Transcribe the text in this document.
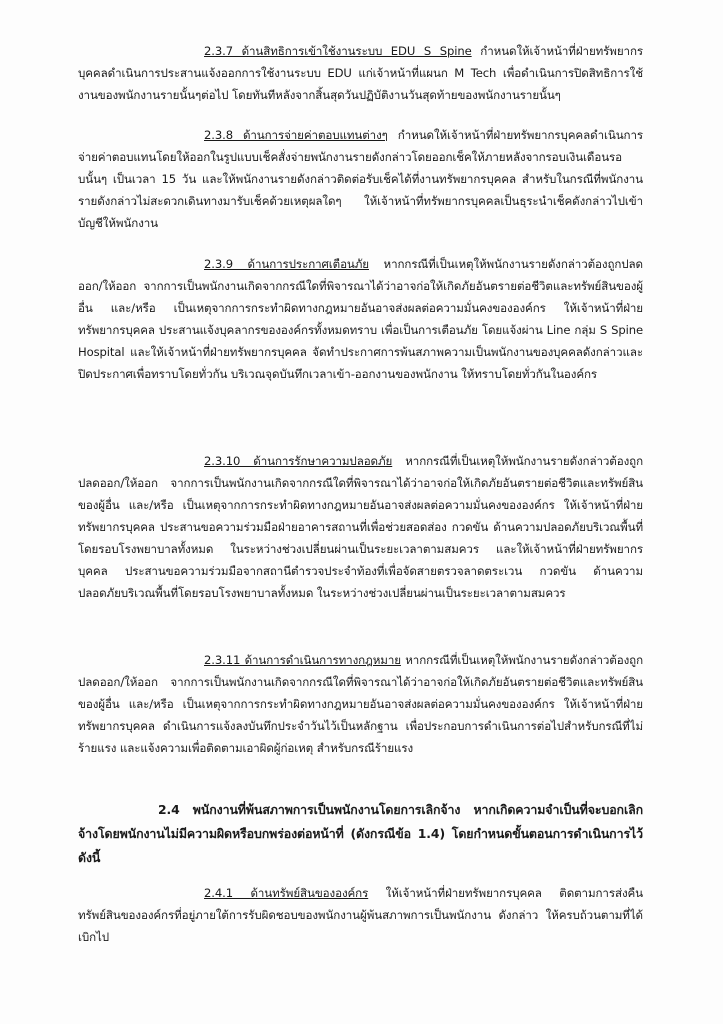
2.3.7 ด้านสิทธิการเข้าใช้งานระบบ EDU S Spine กำหนดให้เจ้าหน้าที่ฝ่ายทรัพยากรบุคคลดำเนินการประสานแจ้งออกการใช้งานระบบ EDU แก่เจ้าหน้าที่แผนก M Tech เพื่อดำเนินการปิดสิทธิการใช้งานของพนักงานรายนั้นๆต่อไป โดยทันทีหลังจากสิ้นสุดวันปฏิบัติงานวันสุดท้ายของพนักงานรายนั้นๆ

2.3.8 ด้านการจ่ายค่าตอบแทนต่างๆ กำหนดให้เจ้าหน้าที่ฝ่ายทรัพยากรบุคคลดำเนินการจ่ายค่าตอบแทนโดยให้ออกในรูปแบบเช็คสั่งจ่ายพนักงานรายดังกล่าวโดยออกเช็คให้ภายหลังจากรอบเงินเดือนรอบนั้นๆ เป็นเวลา 15 วัน และให้พนักงานรายดังกล่าวติดต่อรับเช็คได้ที่งานทรัพยากรบุคคล สำหรับในกรณีที่พนักงานรายดังกล่าวไม่สะดวกเดินทางมารับเช็คด้วยเหตุผลใดๆ ให้เจ้าหน้าที่ทรัพยากรบุคคลเป็นธุระนำเช็คดังกล่าวไปเข้าบัญชีให้พนักงาน

2.3.9 ด้านการประกาศเตือนภัย หากกรณีที่เป็นเหตุให้พนักงานรายดังกล่าวต้องถูกปลดออก/ให้ออก จากการเป็นพนักงานเกิดจากกรณีใดที่พิจารณาได้ว่าอาจก่อให้เกิดภัยอันตรายต่อชีวิตและทรัพย์สินของผู้อื่น และ/หรือ เป็นเหตุจากการกระทำผิดทางกฎหมายอันอาจส่งผลต่อความมั่นคงขององค์กร ให้เจ้าหน้าที่ฝ่ายทรัพยากรบุคคล ประสานแจ้งบุคลากรขององค์กรทั้งหมดทราบ เพื่อเป็นการเตือนภัย โดยแจ้งผ่าน Line กลุ่ม S Spine Hospital และให้เจ้าหน้าที่ฝ่ายทรัพยากรบุคคล จัดทำประกาศการพ้นสภาพความเป็นพนักงานของบุคคลดังกล่าวและปิดประกาศเพื่อทราบโดยทั่วกัน บริเวณจุดบันทึกเวลาเข้า-ออกงานของพนักงาน ให้ทราบโดยทั่วกันในองค์กร

2.3.10 ด้านการรักษาความปลอดภัย หากกรณีที่เป็นเหตุให้พนักงานรายดังกล่าวต้องถูกปลดออก/ให้ออก จากการเป็นพนักงานเกิดจากกรณีใดที่พิจารณาได้ว่าอาจก่อให้เกิดภัยอันตรายต่อชีวิตและทรัพย์สินของผู้อื่น และ/หรือ เป็นเหตุจากการกระทำผิดทางกฎหมายอันอาจส่งผลต่อความมั่นคงขององค์กร ให้เจ้าหน้าที่ฝ่ายทรัพยากรบุคคล ประสานขอความร่วมมือฝ่ายอาคารสถานที่เพื่อช่วยสอดส่อง กวดขัน ด้านความปลอดภัยบริเวณพื้นที่โดยรอบโรงพยาบาลทั้งหมด ในระหว่างช่วงเปลี่ยนผ่านเป็นระยะเวลาตามสมควร และให้เจ้าหน้าที่ฝ่ายทรัพยากรบุคคล ประสานขอความร่วมมือจากสถานีตำรวจประจำท้องที่เพื่อจัดสายตรวจลาดตระเวน กวดขัน ด้านความปลอดภัยบริเวณพื้นที่โดยรอบโรงพยาบาลทั้งหมด ในระหว่างช่วงเปลี่ยนผ่านเป็นระยะเวลาตามสมควร

2.3.11 ด้านการดำเนินการทางกฎหมาย หากกรณีที่เป็นเหตุให้พนักงานรายดังกล่าวต้องถูกปลดออก/ให้ออก จากการเป็นพนักงานเกิดจากกรณีใดที่พิจารณาได้ว่าอาจก่อให้เกิดภัยอันตรายต่อชีวิตและทรัพย์สินของผู้อื่น และ/หรือ เป็นเหตุจากการกระทำผิดทางกฎหมายอันอาจส่งผลต่อความมั่นคงขององค์กร ให้เจ้าหน้าที่ฝ่ายทรัพยากรบุคคล ดำเนินการแจ้งลงบันทึกประจำวันไว้เป็นหลักฐาน เพื่อประกอบการดำเนินการต่อไปสำหรับกรณีที่ไม่ร้ายแรง และแจ้งความเพื่อติดตามเอาผิดผู้ก่อเหตุ สำหรับกรณีร้ายแรง

2.4 พนักงานที่พ้นสภาพการเป็นพนักงานโดยการเลิกจ้าง หากเกิดความจำเป็นที่จะบอกเลิกจ้างโดยพนักงานไม่มีความผิดหรือบกพร่องต่อหน้าที่ (ดังกรณีข้อ 1.4) โดยกำหนดขั้นตอนการดำเนินการไว้ดังนี้

2.4.1 ด้านทรัพย์สินขององค์กร ให้เจ้าหน้าที่ฝ่ายทรัพยากรบุคคล ติดตามการส่งคืนทรัพย์สินขององค์กรที่อยู่ภายใต้การรับผิดชอบของพนักงานผู้พ้นสภาพการเป็นพนักงาน ดังกล่าว ให้ครบถ้วนตามที่ได้เบิกไป
